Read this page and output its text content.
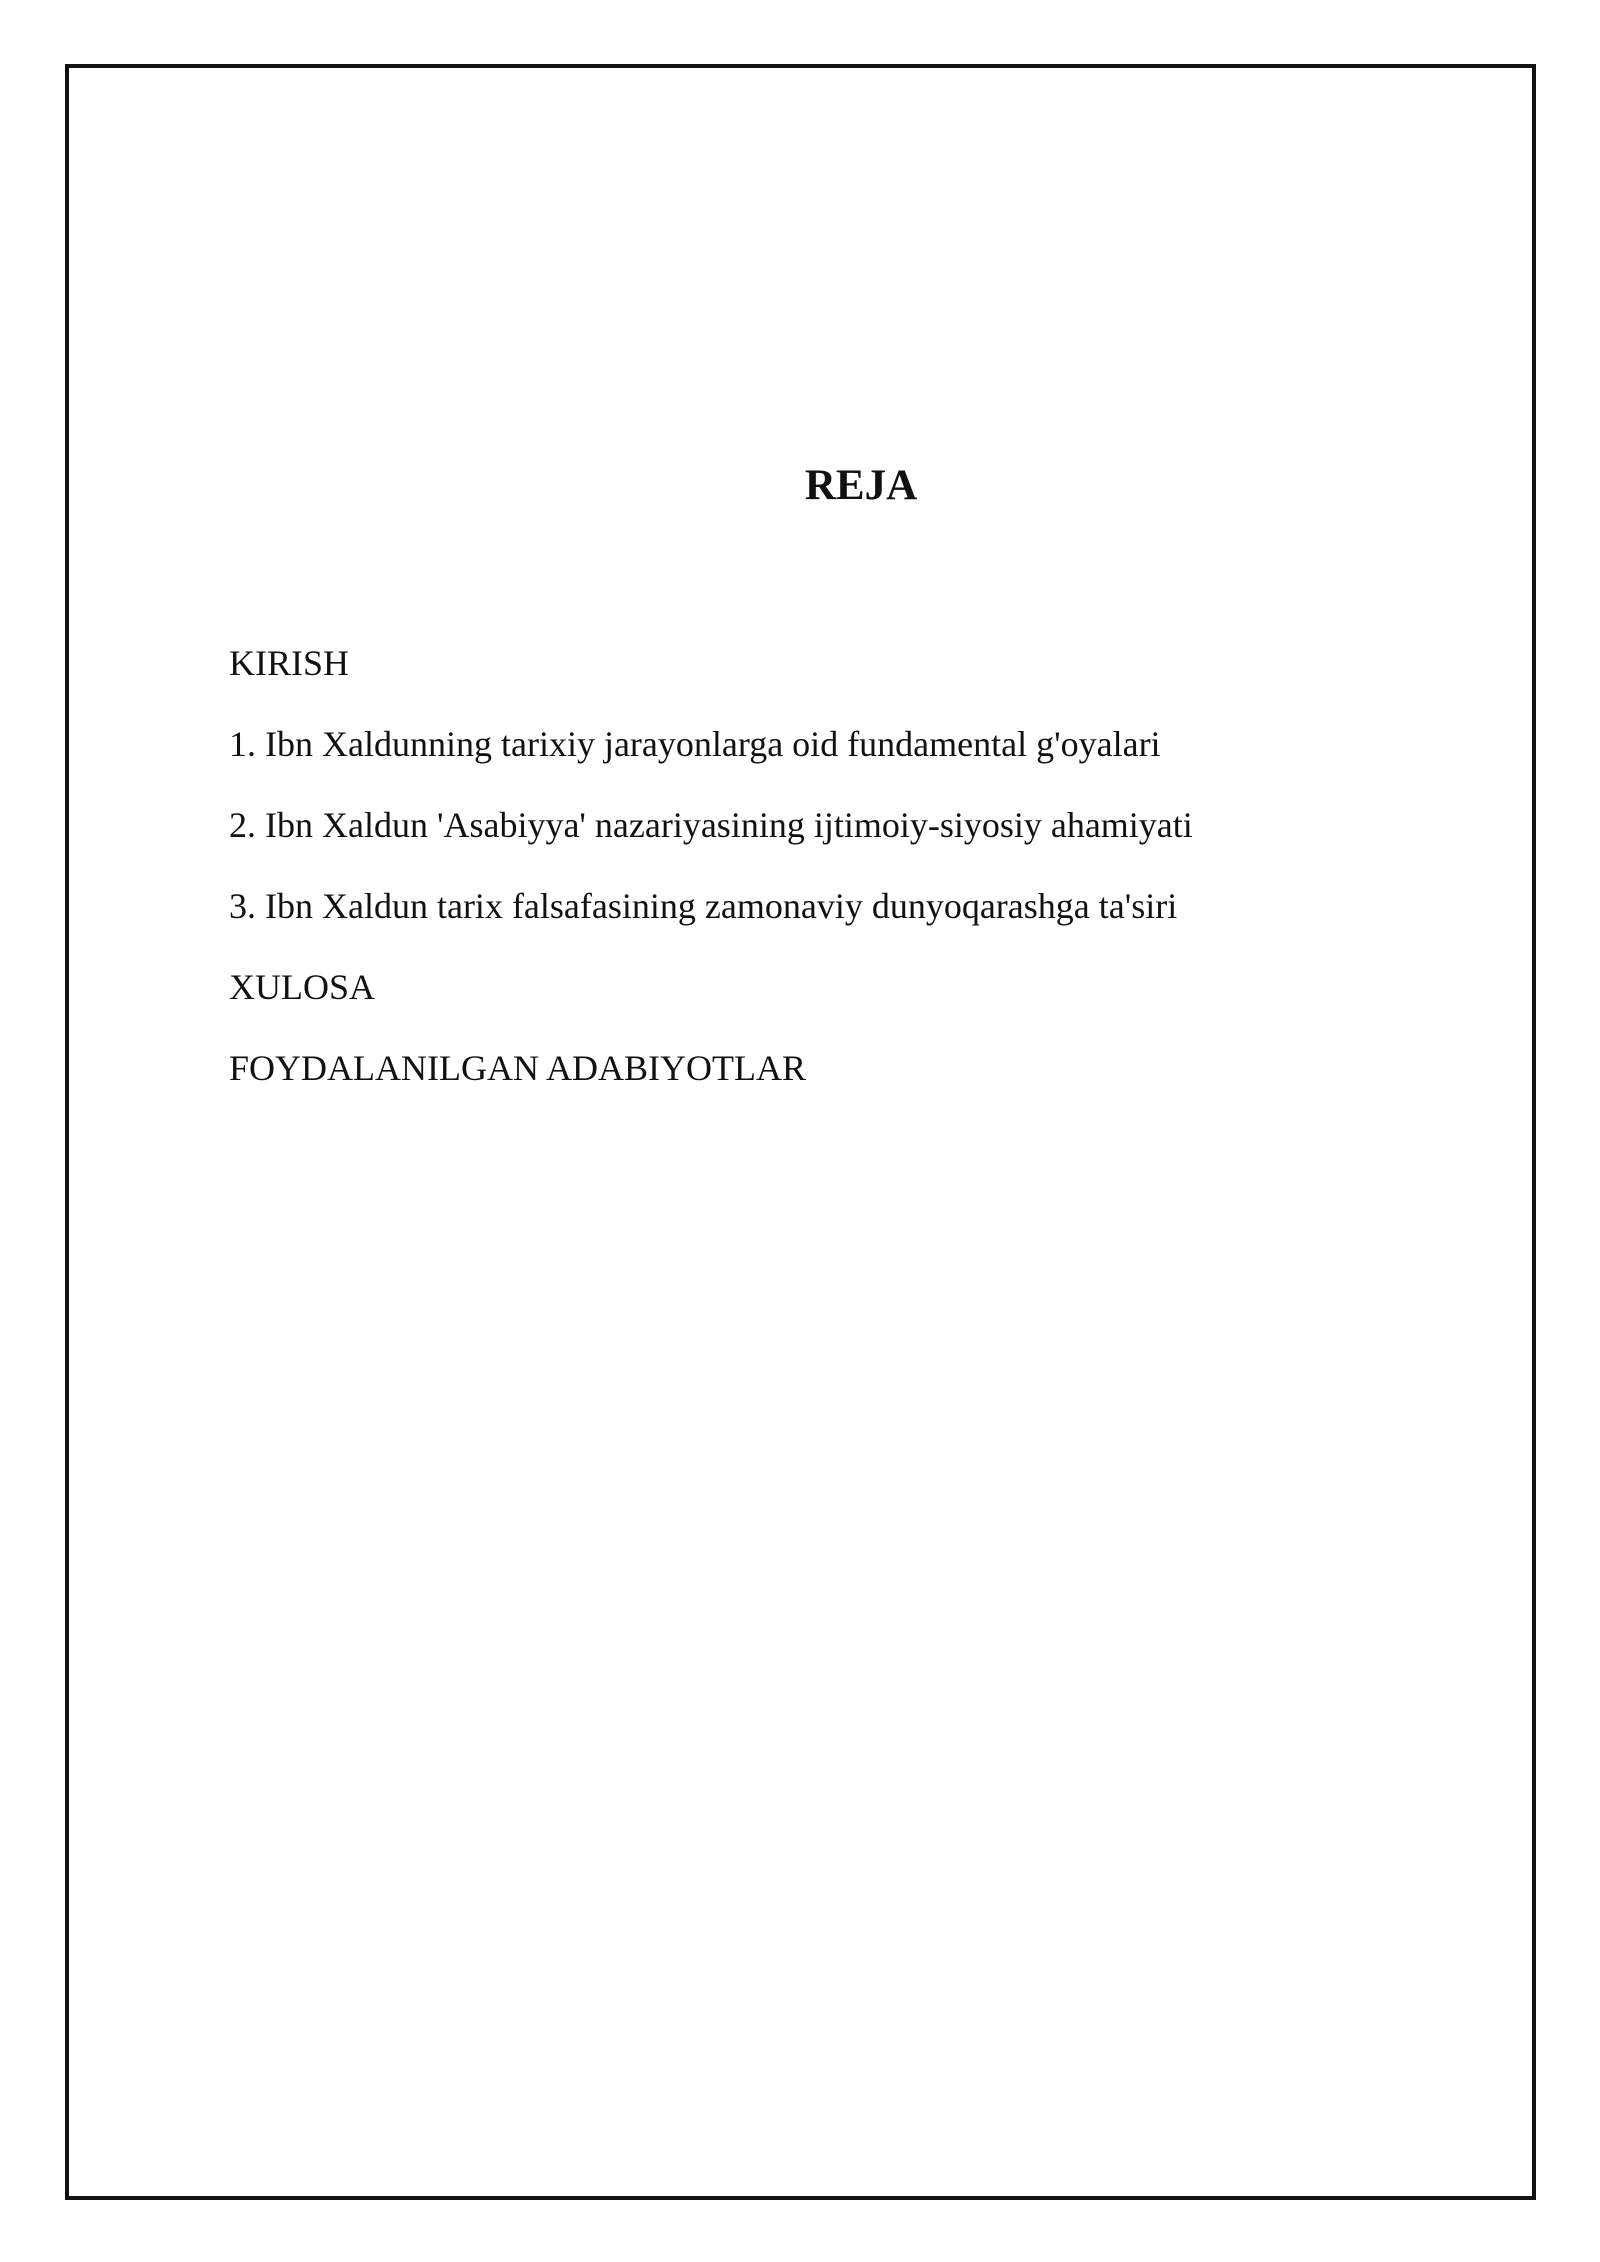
REJA
KIRISH
1. Ibn Xaldunning tarixiy jarayonlarga oid fundamental g'oyalari
2. Ibn Xaldun 'Asabiyya' nazariyasining ijtimoiy-siyosiy ahamiyati
3. Ibn Xaldun tarix falsafasining zamonaviy dunyoqarashga ta'siri
XULOSA
FOYDALANILGAN ADABIYOTLAR
